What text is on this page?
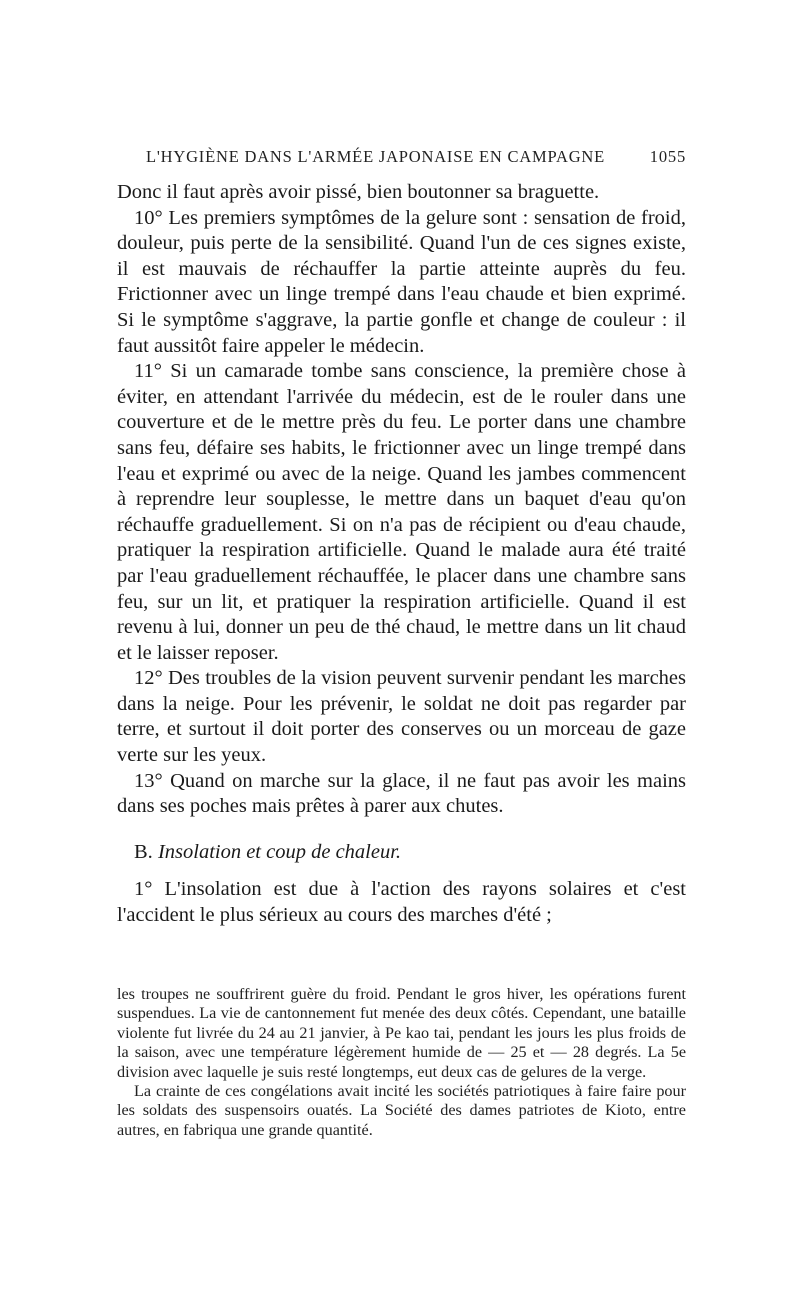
L'HYGIÈNE DANS L'ARMÉE JAPONAISE EN CAMPAGNE	1055

Donc il faut après avoir pissé, bien boutonner sa braguette.

10° Les premiers symptômes de la gelure sont : sensation de froid, douleur, puis perte de la sensibilité. Quand l'un de ces signes existe, il est mauvais de réchauffer la partie atteinte auprès du feu. Frictionner avec un linge trempé dans l'eau chaude et bien exprimé. Si le symptôme s'aggrave, la partie gonfle et change de couleur : il faut aussitôt faire appeler le médecin.

11° Si un camarade tombe sans conscience, la première chose à éviter, en attendant l'arrivée du médecin, est de le rouler dans une couverture et de le mettre près du feu. Le porter dans une chambre sans feu, défaire ses habits, le frictionner avec un linge trempé dans l'eau et exprimé ou avec de la neige. Quand les jambes commencent à reprendre leur souplesse, le mettre dans un baquet d'eau qu'on réchauffe graduellement. Si on n'a pas de récipient ou d'eau chaude, pratiquer la respiration artificielle. Quand le malade aura été traité par l'eau graduellement réchauffée, le placer dans une chambre sans feu, sur un lit, et pratiquer la respiration artificielle. Quand il est revenu à lui, donner un peu de thé chaud, le mettre dans un lit chaud et le laisser reposer.

12° Des troubles de la vision peuvent survenir pendant les marches dans la neige. Pour les prévenir, le soldat ne doit pas regarder par terre, et surtout il doit porter des conserves ou un morceau de gaze verte sur les yeux.

13° Quand on marche sur la glace, il ne faut pas avoir les mains dans ses poches mais prêtes à parer aux chutes.

B. Insolation et coup de chaleur.

1° L'insolation est due à l'action des rayons solaires et c'est l'accident le plus sérieux au cours des marches d'été ;

les troupes ne souffrirent guère du froid. Pendant le gros hiver, les opérations furent suspendues. La vie de cantonnement fut menée des deux côtés. Cependant, une bataille violente fut livrée du 24 au 21 janvier, à Pe kao tai, pendant les jours les plus froids de la saison, avec une température légèrement humide de — 25 et — 28 degrés. La 5e division avec laquelle je suis resté longtemps, eut deux cas de gelures de la verge.

La crainte de ces congélations avait incité les sociétés patriotiques à faire faire pour les soldats des suspensoirs ouatés. La Société des dames patriotes de Kioto, entre autres, en fabriqua une grande quantité.
